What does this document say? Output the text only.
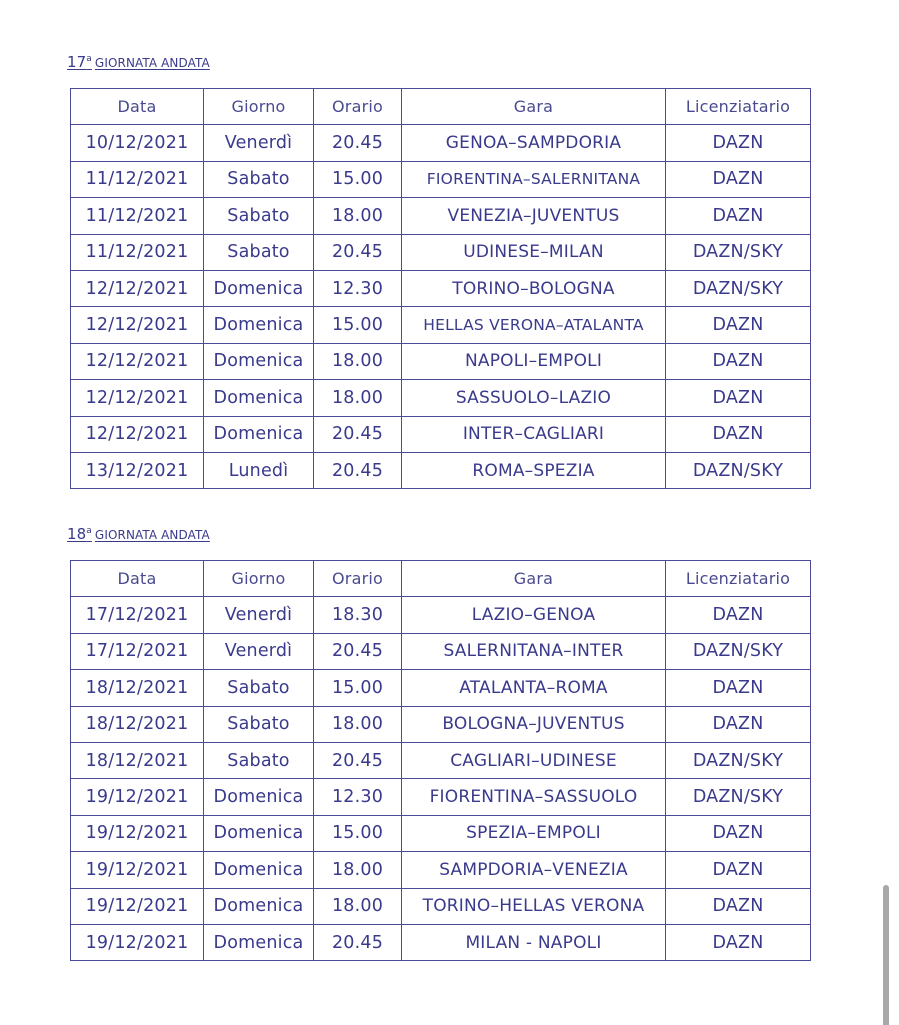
17$^a$ GIORNATA ANDATA
Data	Giorno	Orario	Gara	Licenziatario
10/12/2021	Venerdì	20.45	GENOA–SAMPDORIA	DAZN
11/12/2021	Sabato	15.00	FIORENTINA–SALERNITANA	DAZN
11/12/2021	Sabato	18.00	VENEZIA–JUVENTUS	DAZN
11/12/2021	Sabato	20.45	UDINESE–MILAN	DAZN/SKY
12/12/2021	Domenica	12.30	TORINO–BOLOGNA	DAZN/SKY
12/12/2021	Domenica	15.00	HELLAS VERONA–ATALANTA	DAZN
12/12/2021	Domenica	18.00	NAPOLI–EMPOLI	DAZN
12/12/2021	Domenica	18.00	SASSUOLO–LAZIO	DAZN
12/12/2021	Domenica	20.45	INTER–CAGLIARI	DAZN
13/12/2021	Lunedì	20.45	ROMA–SPEZIA	DAZN/SKY
18$^a$ GIORNATA ANDATA
Data	Giorno	Orario	Gara	Licenziatario
17/12/2021	Venerdì	18.30	LAZIO–GENOA	DAZN
17/12/2021	Venerdì	20.45	SALERNITANA–INTER	DAZN/SKY
18/12/2021	Sabato	15.00	ATALANTA–ROMA	DAZN
18/12/2021	Sabato	18.00	BOLOGNA–JUVENTUS	DAZN
18/12/2021	Sabato	20.45	CAGLIARI–UDINESE	DAZN/SKY
19/12/2021	Domenica	12.30	FIORENTINA–SASSUOLO	DAZN/SKY
19/12/2021	Domenica	15.00	SPEZIA–EMPOLI	DAZN
19/12/2021	Domenica	18.00	SAMPDORIA–VENEZIA	DAZN
19/12/2021	Domenica	18.00	TORINO–HELLAS VERONA	DAZN
19/12/2021	Domenica	20.45	MILAN - NAPOLI	DAZN
